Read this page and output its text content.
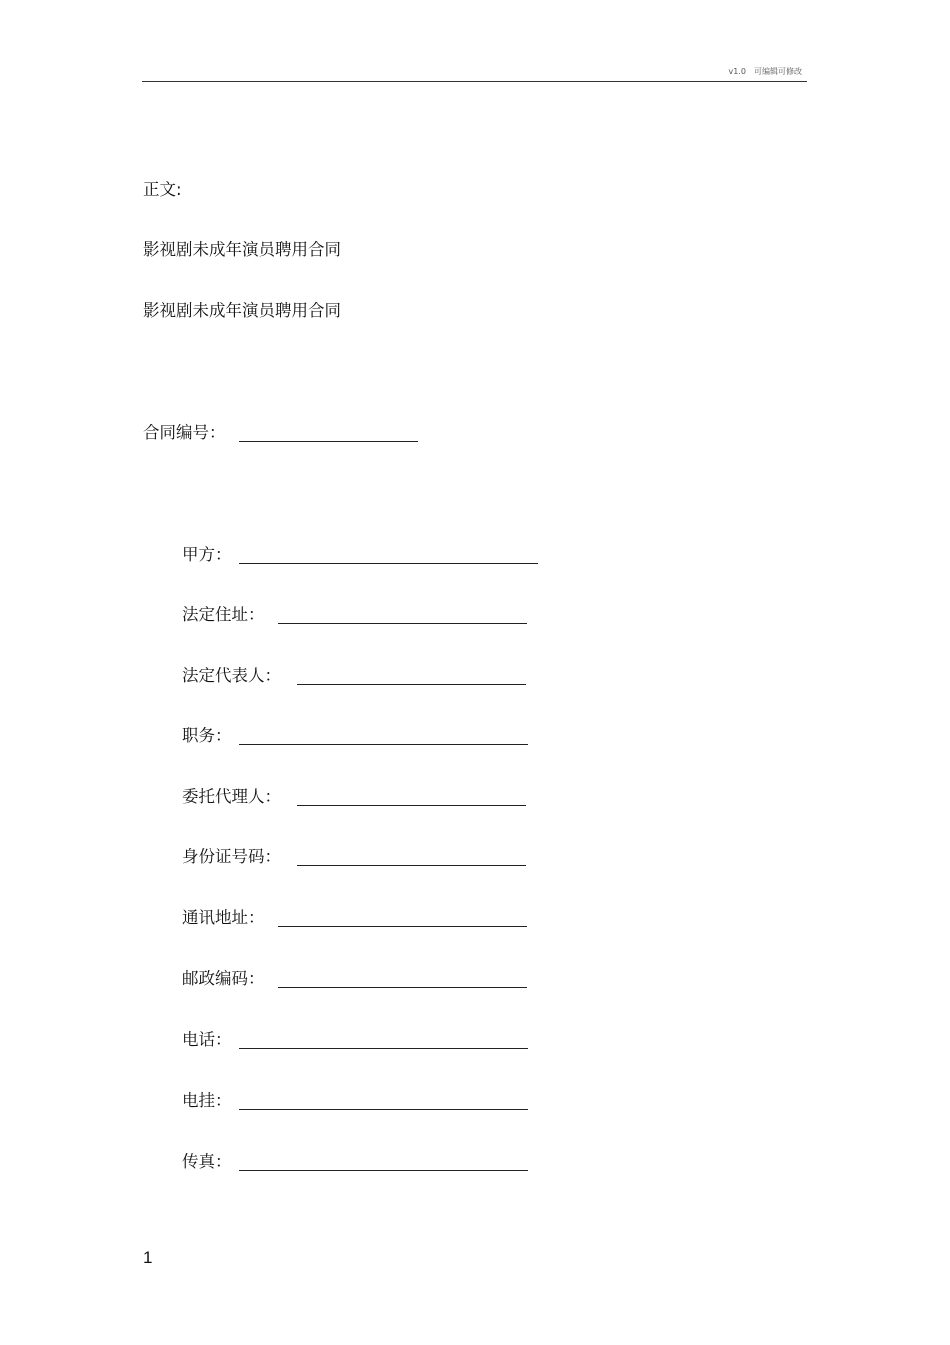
v1.0　可编辑可修改
正文:
影视剧未成年演员聘用合同
影视剧未成年演员聘用合同
合同编号：
甲方：
法定住址：
法定代表人：
职务：
委托代理人：
身份证号码：
通讯地址：
邮政编码：
电话：
电挂：
传真：
1
